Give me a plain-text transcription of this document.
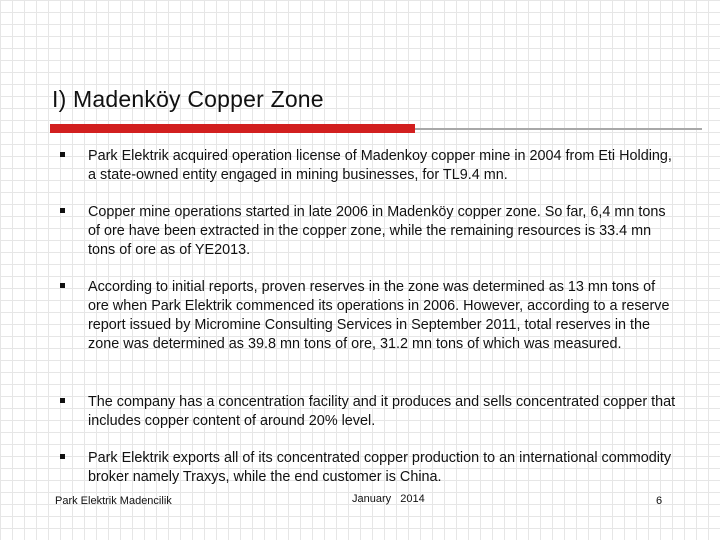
I) Madenköy Copper Zone

Park Elektrik acquired operation license of Madenkoy copper mine in 2004 from Eti Holding, a state-owned entity engaged in mining businesses, for TL9.4 mn.

Copper mine operations started in late 2006 in Madenköy copper zone. So far, 6,4 mn tons of ore have been extracted in the copper zone, while the remaining resources is 33.4 mn tons of ore as of YE2013.

According to initial reports, proven reserves in the zone was determined as 13 mn tons of ore when Park Elektrik commenced its operations in 2006. However, according to a reserve report issued by Micromine Consulting Services in September 2011, total reserves in the zone was determined as 39.8 mn tons of ore, 31.2 mn tons of which was measured.

The company has a concentration facility and it produces and sells concentrated copper that includes copper content of around 20% level.

Park Elektrik exports all of its concentrated copper production to an international commodity broker namely Traxys, while the end customer is China.

Park Elektrik Madencilik	January   2014	6
